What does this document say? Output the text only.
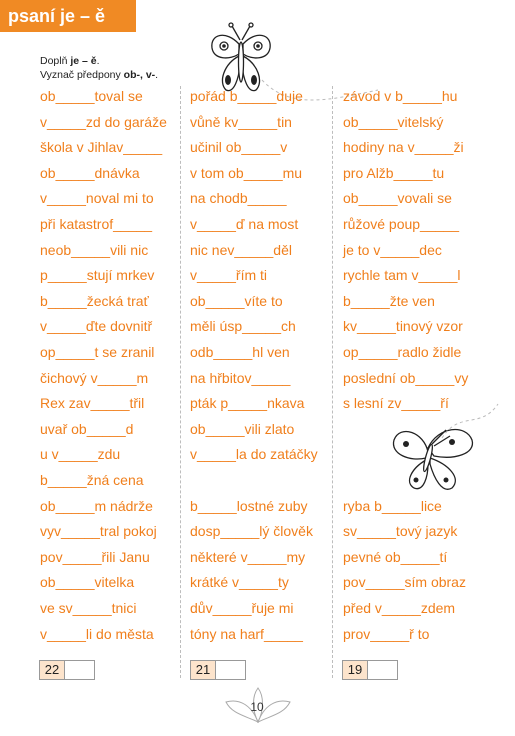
psaní je – ě
Doplň je – ě.
Vyznač předpony ob-, v-.
ob_____toval se
v_____zd do garáže
škola v Jihlav_____
ob_____dnávka
v_____noval mi to
při katastrof_____
neob_____vili nic
p_____stují mrkev
b_____žecká trať
v_____ďte dovnitř
op_____t se zranil
čichový v_____m
Rex zav_____třil
uvař ob_____d
u v_____zdu
b_____žná cena
ob_____m nádrže
vyv_____tral pokoj
pov_____řili Janu
ob_____vitelka
ve sv_____tnici
v_____li do města
pořád b_____duje
vůně kv_____tin
učinil ob_____v
v tom ob_____mu
na chodb_____
v_____ď na most
nic nev_____děl
v_____řím ti
ob_____víte to
měli úsp_____ch
odb_____hl ven
na hřbitov_____
pták p_____nkava
ob_____vili zlato
v_____la do zatáčky
b_____lostné zuby
dosp_____lý člověk
některé v_____my
krátké v_____ty
dův_____řuje mi
tóny na harf_____
závod v b_____hu
ob_____vitelský
hodiny na v_____ži
pro Alžb_____tu
ob_____vovali se
růžové poup_____
je to v_____dec
rychle tam v_____l
b_____žte ven
kv_____tinový vzor
op_____radlo židle
poslední ob_____vy
s lesní zv_____ří
ryba b_____lice
sv_____tový jazyk
pevné ob_____tí
pov_____sím obraz
před v_____zdem
prov_____ř to
22	21	19
10
